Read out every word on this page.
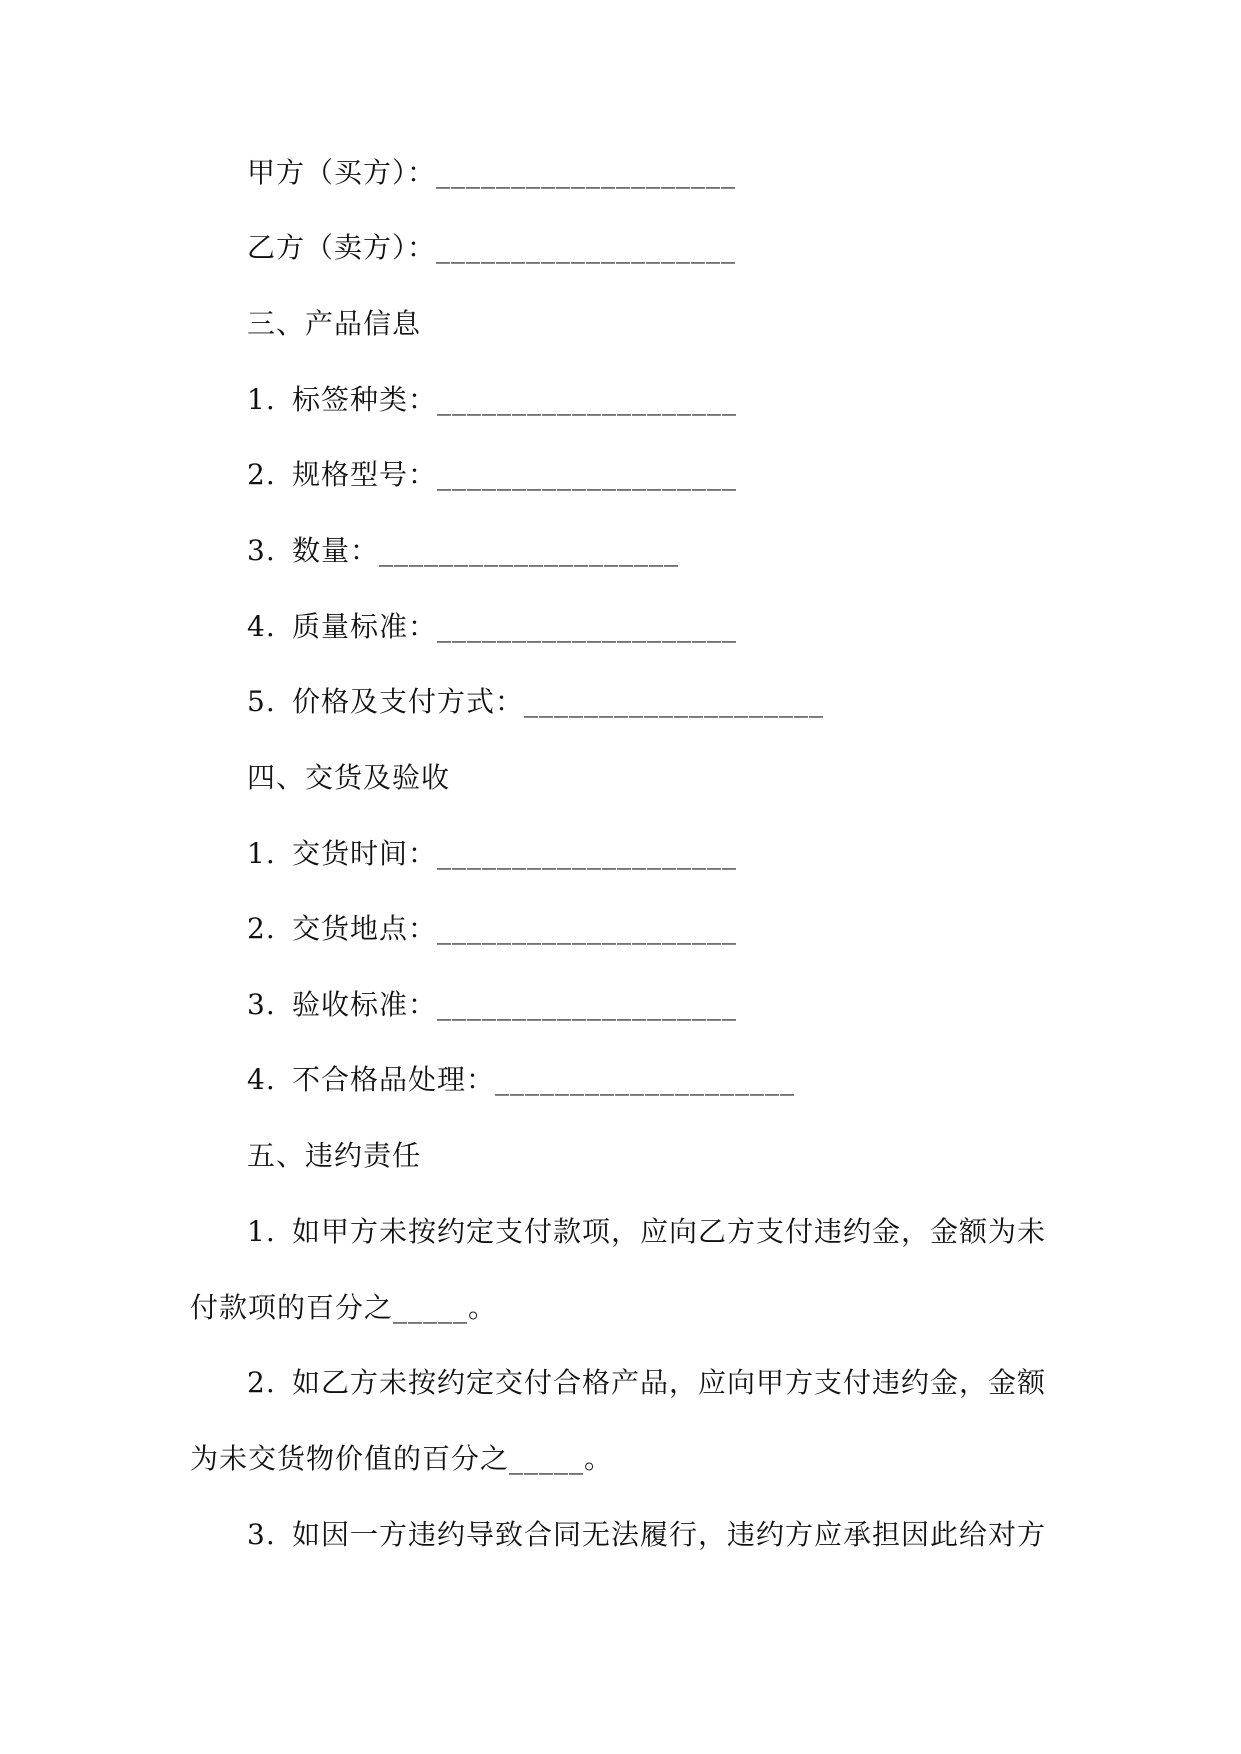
甲方（买方）：____________________
乙方（卖方）：____________________
三、产品信息
1. 标签种类：____________________
2. 规格型号：____________________
3. 数量：____________________
4. 质量标准：____________________
5. 价格及支付方式：____________________
四、交货及验收
1. 交货时间：____________________
2. 交货地点：____________________
3. 验收标准：____________________
4. 不合格品处理：____________________
五、违约责任
1. 如甲方未按约定支付款项，应向乙方支付违约金，金额为未
付款项的百分之_____。
2. 如乙方未按约定交付合格产品，应向甲方支付违约金，金额
为未交货物价值的百分之_____。
3. 如因一方违约导致合同无法履行，违约方应承担因此给对方
